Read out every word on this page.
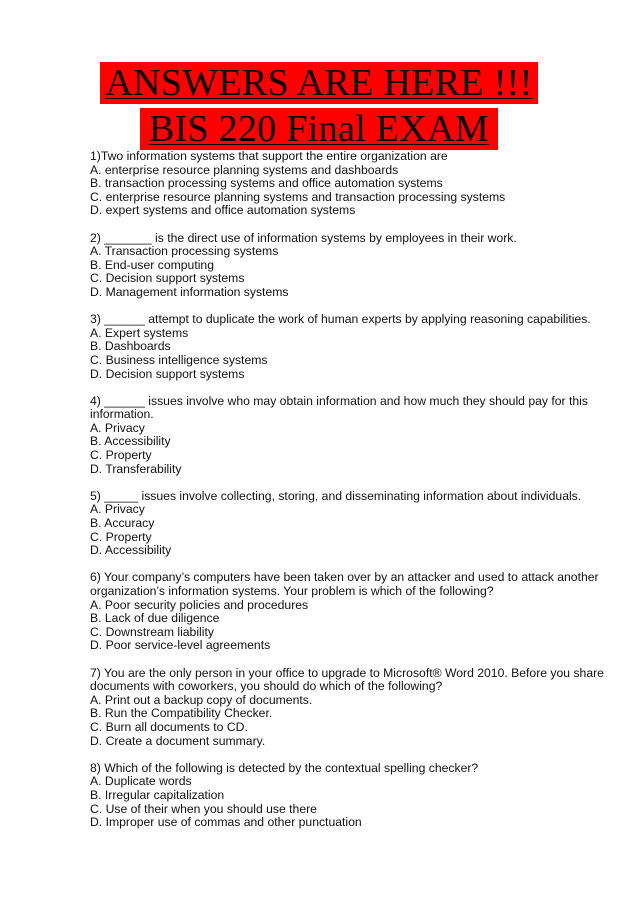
ANSWERS ARE HERE !!!
BIS 220 Final EXAM
1)Two information systems that support the entire organization are
A. enterprise resource planning systems and dashboards
B. transaction processing systems and office automation systems
C. enterprise resource planning systems and transaction processing systems
D. expert systems and office automation systems
2) _______ is the direct use of information systems by employees in their work.
A. Transaction processing systems
B. End-user computing
C. Decision support systems
D. Management information systems
3) ______ attempt to duplicate the work of human experts by applying reasoning capabilities.
A. Expert systems
B. Dashboards
C. Business intelligence systems
D. Decision support systems
4) ______ issues involve who may obtain information and how much they should pay for this information.
A. Privacy
B. Accessibility
C. Property
D. Transferability
5) _____ issues involve collecting, storing, and disseminating information about individuals.
A. Privacy
B. Accuracy
C. Property
D. Accessibility
6) Your company’s computers have been taken over by an attacker and used to attack another organization’s information systems. Your problem is which of the following?
A. Poor security policies and procedures
B. Lack of due diligence
C. Downstream liability
D. Poor service-level agreements
7) You are the only person in your office to upgrade to Microsoft® Word 2010. Before you share documents with coworkers, you should do which of the following?
A. Print out a backup copy of documents.
B. Run the Compatibility Checker.
C. Burn all documents to CD.
D. Create a document summary.
8) Which of the following is detected by the contextual spelling checker?
A. Duplicate words
B. Irregular capitalization
C. Use of their when you should use there
D. Improper use of commas and other punctuation
